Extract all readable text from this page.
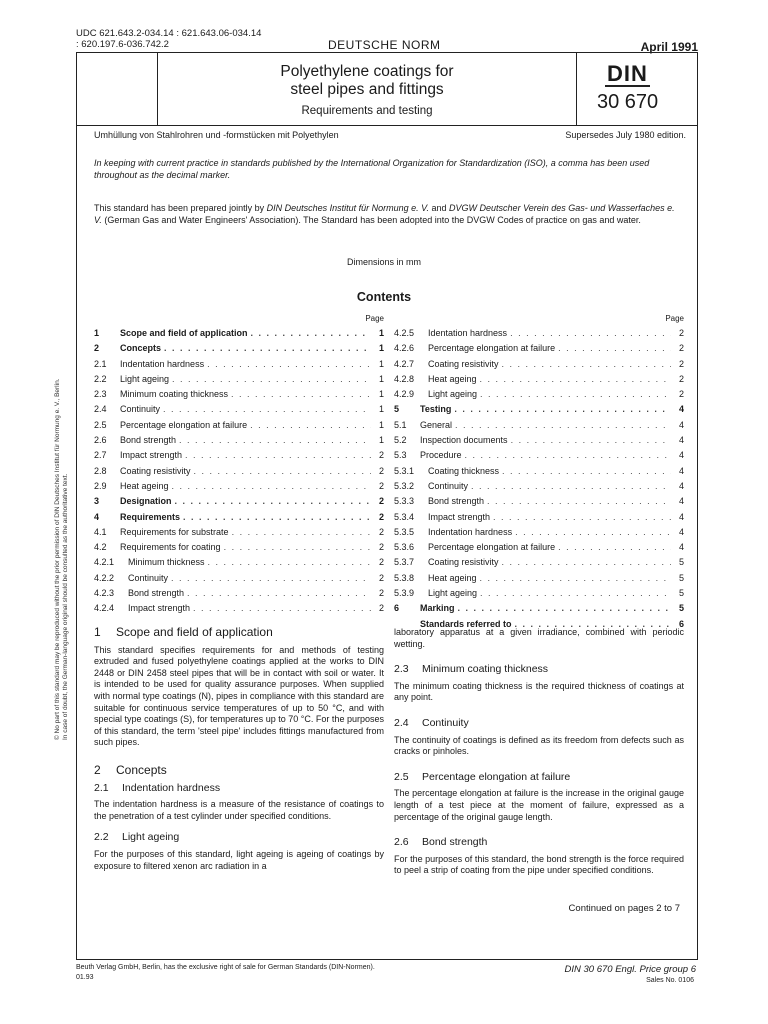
UDC 621.643.2-034.14 : 621.643.06-034.14
: 620.197.6-036.742.2	DEUTSCHE NORM	April 1991
© No part of this standard may be reproduced without the prior permission of DIN Deutsches Institut für Normung e. V., Berlin. In case of doubt, the German-language original should be consulted as the authoritative text.
Polyethylene coatings for
steel pipes and fittings
Requirements and testing
DIN
30 670
Umhüllung von Stahlrohren und -formstücken mit Polyethylen	Supersedes July 1980 edition.
In keeping with current practice in standards published by the International Organization for Standardization (ISO), a comma has been used throughout as the decimal marker.
This standard has been prepared jointly by DIN Deutsches Institut für Normung e. V. and DVGW Deutscher Verein des Gas- und Wasserfaches e. V. (German Gas and Water Engineers' Association). The Standard has been adopted into the DVGW Codes of practice on gas and water.
Dimensions in mm
Contents
Page
1	Scope and field of application . . .	1
2	Concepts . . .	1
2.1	Indentation hardness . . .	1
2.2	Light ageing . . .	1
2.3	Minimum coating thickness . . .	1
2.4	Continuity . . .	1
2.5	Percentage elongation at failure . . .	1
2.6	Bond strength . . .	1
2.7	Impact strength . . .	2
2.8	Coating resistivity . . .	2
2.9	Heat ageing . . .	2
3	Designation . . .	2
4	Requirements . . .	2
4.1	Requirements for substrate . . .	2
4.2	Requirements for coating . . .	2
4.2.1	Minimum thickness . . .	2
4.2.2	Continuity . . .	2
4.2.3	Bond strength . . .	2
4.2.4	Impact strength . . .	2
Page
4.2.5	Identation hardness . . .	2
4.2.6	Percentage elongation at failure . . .	2
4.2.7	Coating resistivity . . .	2
4.2.8	Heat ageing . . .	2
4.2.9	Light ageing . . .	2
5	Testing . . .	4
5.1	General . . .	4
5.2	Inspection documents . . .	4
5.3	Procedure . . .	4
5.3.1	Coating thickness . . .	4
5.3.2	Continuity . . .	4
5.3.3	Bond strength . . .	4
5.3.4	Impact strength . . .	4
5.3.5	Indentation hardness . . .	4
5.3.6	Percentage elongation at failure . . .	4
5.3.7	Coating resistivity . . .	5
5.3.8	Heat ageing . . .	5
5.3.9	Light ageing . . .	5
6	Marking . . .	5
Standards referred to . . .	6
1 Scope and field of application
This standard specifies requirements for and methods of testing extruded and fused polyethylene coatings applied at the works to DIN 2448 or DIN 2458 steel pipes that will be in contact with soil or water. It is intended to be used for quality assurance purposes. When supplied with normal type coatings (N), pipes in compliance with this standard are suitable for continuous service temperatures of up to 50 °C, and with special type coatings (S), for temperatures up to 70 °C. For the purposes of this standard, the term 'steel pipe' includes fittings manufactured from such pipes.
2 Concepts
2.1 Indentation hardness
The indentation hardness is a measure of the resistance of coatings to the penetration of a test cylinder under specified conditions.
2.2 Light ageing
For the purposes of this standard, light ageing is ageing of coatings by exposure to filtered xenon arc radiation in a
laboratory apparatus at a given irradiance, combined with periodic wetting.
2.3 Minimum coating thickness
The minimum coating thickness is the required thickness of coatings at any point.
2.4 Continuity
The continuity of coatings is defined as its freedom from defects such as cracks or pinholes.
2.5 Percentage elongation at failure
The percentage elongation at failure is the increase in the original gauge length of a test piece at the moment of failure, expressed as a percentage of the original gauge length.
2.6 Bond strength
For the purposes of this standard, the bond strength is the force required to peel a strip of coating from the pipe under specified conditions.
Continued on pages 2 to 7
Beuth Verlag GmbH, Berlin, has the exclusive right of sale for German Standards (DIN-Normen).
01.93
DIN 30 670 Engl. Price group 6
Sales No. 0106
